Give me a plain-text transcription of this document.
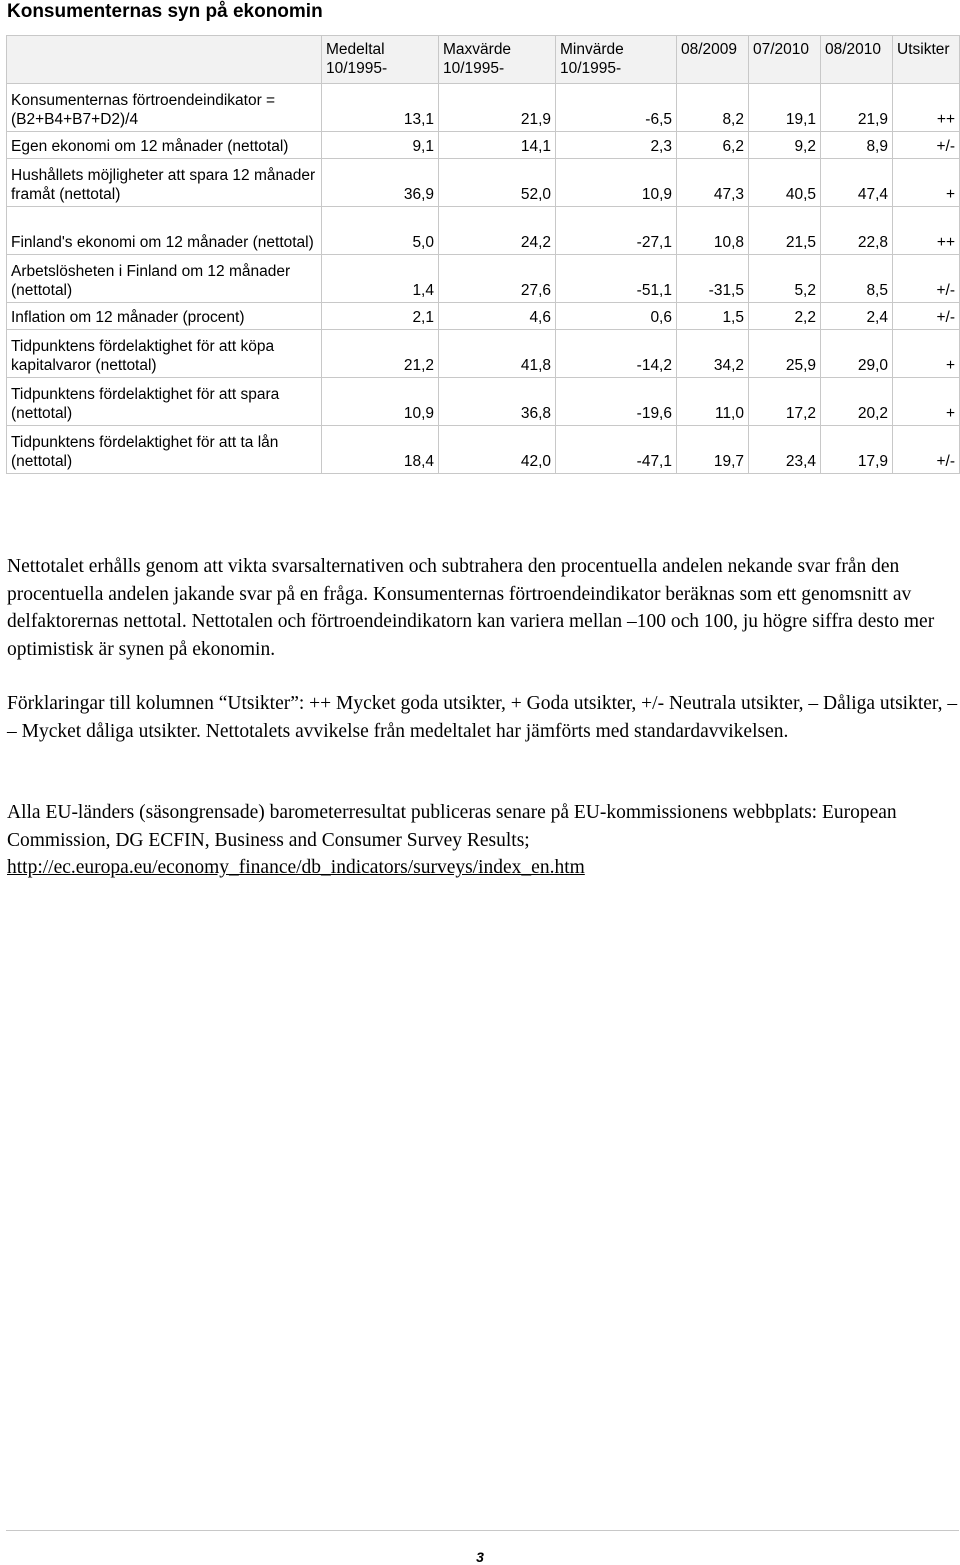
Konsumenternas syn på ekonomin
	Medeltal 10/1995-	Maxvärde 10/1995-	Minvärde 10/1995-	08/2009	07/2010	08/2010	Utsikter
Konsumenternas förtroendeindikator = (B2+B4+B7+D2)/4	13,1	21,9	-6,5	8,2	19,1	21,9	++
Egen ekonomi om 12 månader (nettotal)	9,1	14,1	2,3	6,2	9,2	8,9	+/-
Hushållets möjligheter att spara 12 månader framåt (nettotal)	36,9	52,0	10,9	47,3	40,5	47,4	+
Finland's ekonomi om 12 månader (nettotal)	5,0	24,2	-27,1	10,8	21,5	22,8	++
Arbetslösheten i Finland om 12 månader (nettotal)	1,4	27,6	-51,1	-31,5	5,2	8,5	+/-
Inflation om 12 månader (procent)	2,1	4,6	0,6	1,5	2,2	2,4	+/-
Tidpunktens fördelaktighet för att köpa kapitalvaror (nettotal)	21,2	41,8	-14,2	34,2	25,9	29,0	+
Tidpunktens fördelaktighet för att spara (nettotal)	10,9	36,8	-19,6	11,0	17,2	20,2	+
Tidpunktens fördelaktighet för att ta lån (nettotal)	18,4	42,0	-47,1	19,7	23,4	17,9	+/-

Nettotalet erhålls genom att vikta svarsalternativen och subtrahera den procentuella andelen nekande svar från den procentuella andelen jakande svar på en fråga. Konsumenternas förtroendeindikator beräknas som ett genomsnitt av delfaktorernas nettotal. Nettotalen och förtroendeindikatorn kan variera mellan –100 och 100, ju högre siffra desto mer optimistisk är synen på ekonomin.

Förklaringar till kolumnen “Utsikter”: ++ Mycket goda utsikter, + Goda utsikter, +/- Neutrala utsikter, – Dåliga utsikter, – – Mycket dåliga utsikter. Nettotalets avvikelse från medeltalet har jämförts med standardavvikelsen.

Alla EU-länders (säsongrensade) barometerresultat publiceras senare på EU-kommissionens webbplats: European Commission, DG ECFIN, Business and Consumer Survey Results;
http://ec.europa.eu/economy_finance/db_indicators/surveys/index_en.htm

3
